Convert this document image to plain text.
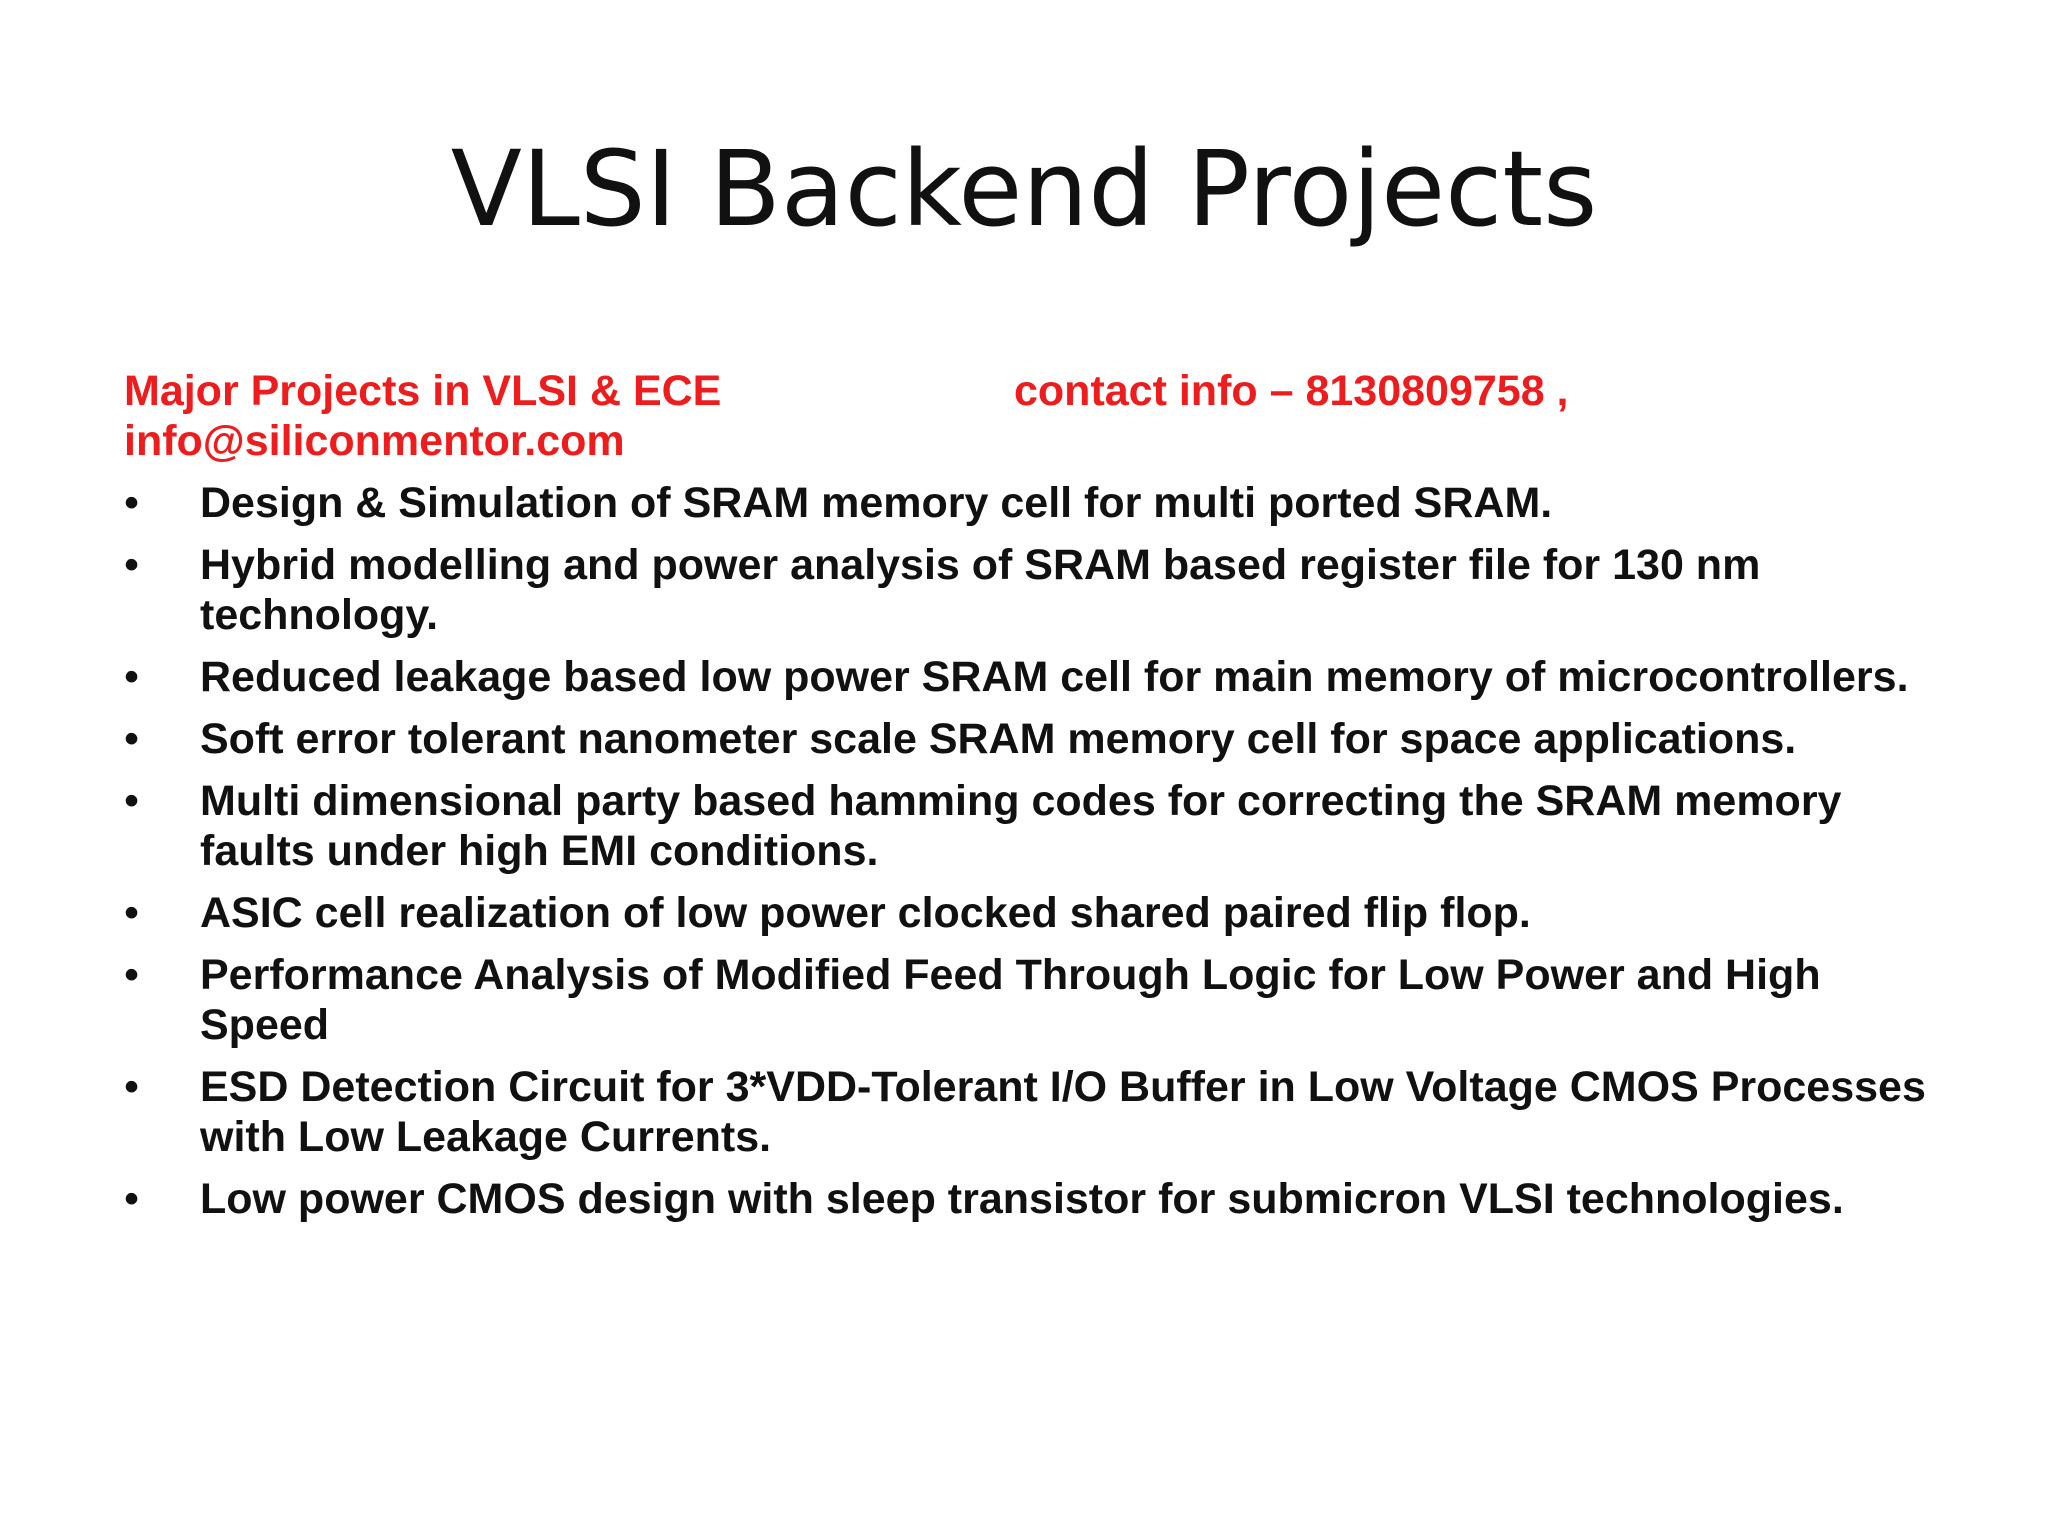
VLSI Backend Projects
Major Projects in VLSI & ECE	contact info – 8130809758 ,
info@siliconmentor.com
• Design & Simulation of SRAM memory cell for multi ported SRAM.
• Hybrid modelling and power analysis of SRAM based register file for 130 nm technology.
• Reduced leakage based low power SRAM cell for main memory of microcontrollers.
• Soft error tolerant nanometer scale SRAM memory cell for space applications.
• Multi dimensional party based hamming codes for correcting the SRAM memory faults under high EMI conditions.
• ASIC cell realization of low power clocked shared paired flip flop.
• Performance Analysis of Modified Feed Through Logic for Low Power and High Speed
• ESD Detection Circuit for 3*VDD-Tolerant I/O Buffer in Low Voltage CMOS Processes with Low Leakage Currents.
• Low power CMOS design with sleep transistor for submicron VLSI technologies.
